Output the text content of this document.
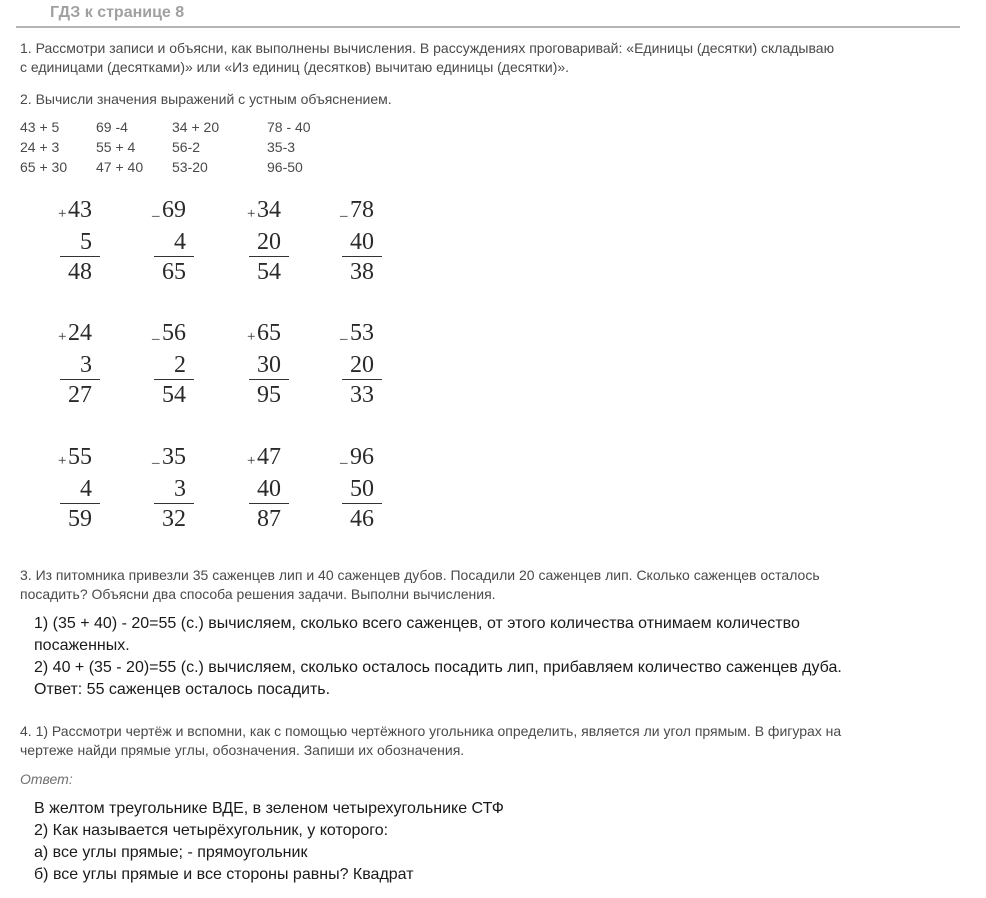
ГДЗ к странице 8
1. Рассмотри записи и объясни, как выполнены вычисления. В рассуждениях проговаривай: «Единицы (десятки) складываю
с единицами (десятками)» или «Из единиц (десятков) вычитаю единицы (десятки)».
2. Вычисли значения выражений с устным объяснением.
43 + 5
24 + 3
65 + 30
69 -4
55 + 4
47 + 40
34 + 20
56-2
53-20
78 - 40
35-3
96-50
+ 43
5
48
– 69
4
65
+ 34
20
54
– 78
40
38
+ 24
3
27
– 56
2
54
+ 65
30
95
– 53
20
33
+ 55
4
59
– 35
3
32
+ 47
40
87
– 96
50
46
3. Из питомника привезли 35 саженцев лип и 40 саженцев дубов. Посадили 20 саженцев лип. Сколько саженцев осталось
посадить? Объясни два способа решения задачи. Выполни вычисления.
1) (35 + 40) - 20=55 (с.) вычисляем, сколько всего саженцев, от этого количества отнимаем количество
посаженных.
2) 40 + (35 - 20)=55 (с.) вычисляем, сколько осталось посадить лип, прибавляем количество саженцев дуба.
Ответ: 55 саженцев осталось посадить.
4. 1) Рассмотри чертёж и вспомни, как с помощью чертёжного угольника определить, является ли угол прямым. В фигурах на
чертеже найди прямые углы, обозначения. Запиши их обозначения.
Ответ:
В желтом треугольнике ВДЕ, в зеленом четырехугольнике СТФ
2) Как называется четырёхугольник, у которого:
а) все углы прямые; - прямоугольник
б) все углы прямые и все стороны равны? Квадрат
